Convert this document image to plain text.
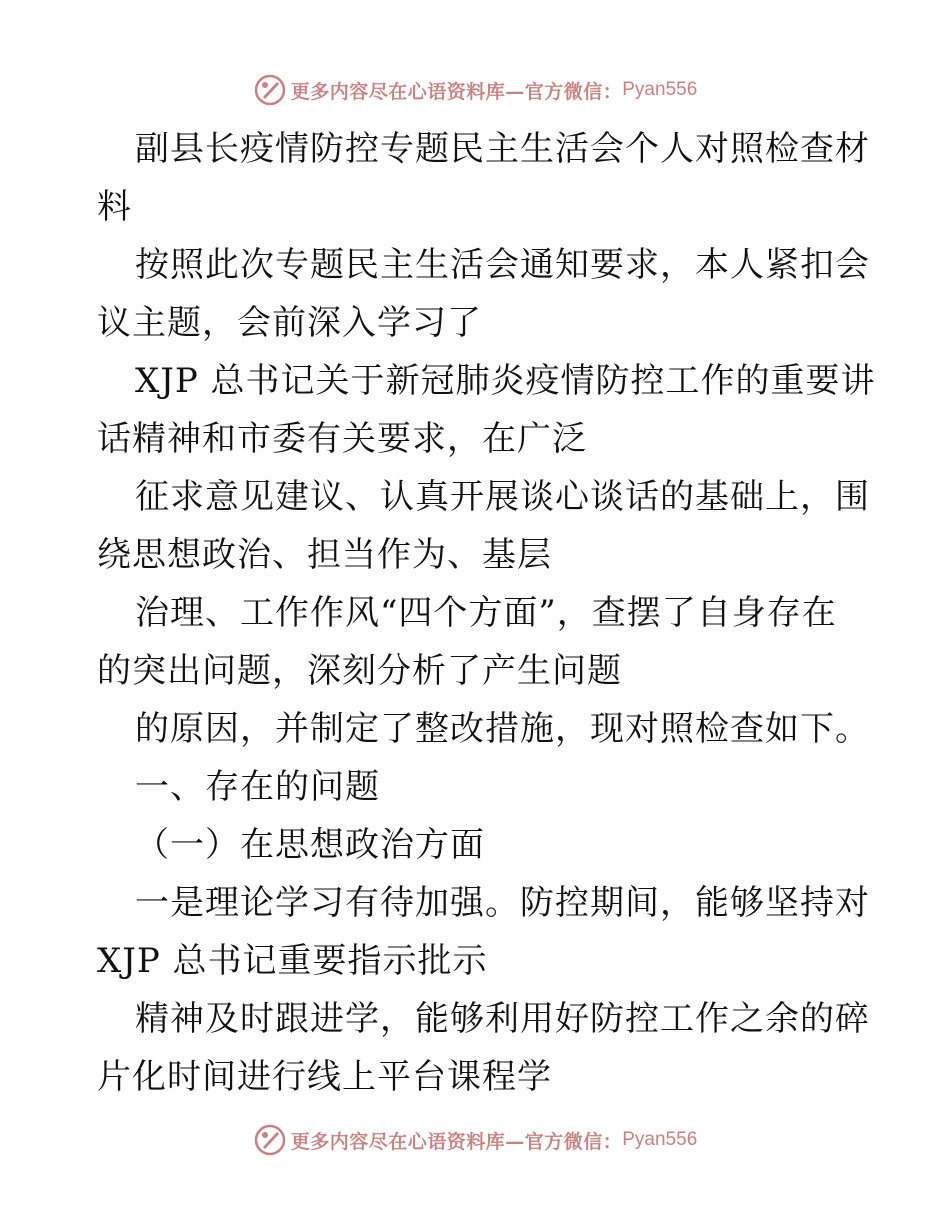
更多内容尽在心语资料库—官方微信： Pyan556
副县长疫情防控专题民主生活会个人对照检查材
料
按照此次专题民主生活会通知要求，本人紧扣会
议主题，会前深入学习了
XJP 总书记关于新冠肺炎疫情防控工作的重要讲
话精神和市委有关要求，在广泛
征求意见建议、认真开展谈心谈话的基础上，围
绕思想政治、担当作为、基层
治理、工作作风“四个方面”，查摆了自身存在
的突出问题，深刻分析了产生问题
的原因，并制定了整改措施，现对照检查如下。
一、存在的问题
（一）在思想政治方面
一是理论学习有待加强。防控期间，能够坚持对
XJP 总书记重要指示批示
精神及时跟进学，能够利用好防控工作之余的碎
片化时间进行线上平台课程学
更多内容尽在心语资料库—官方微信： Pyan556
